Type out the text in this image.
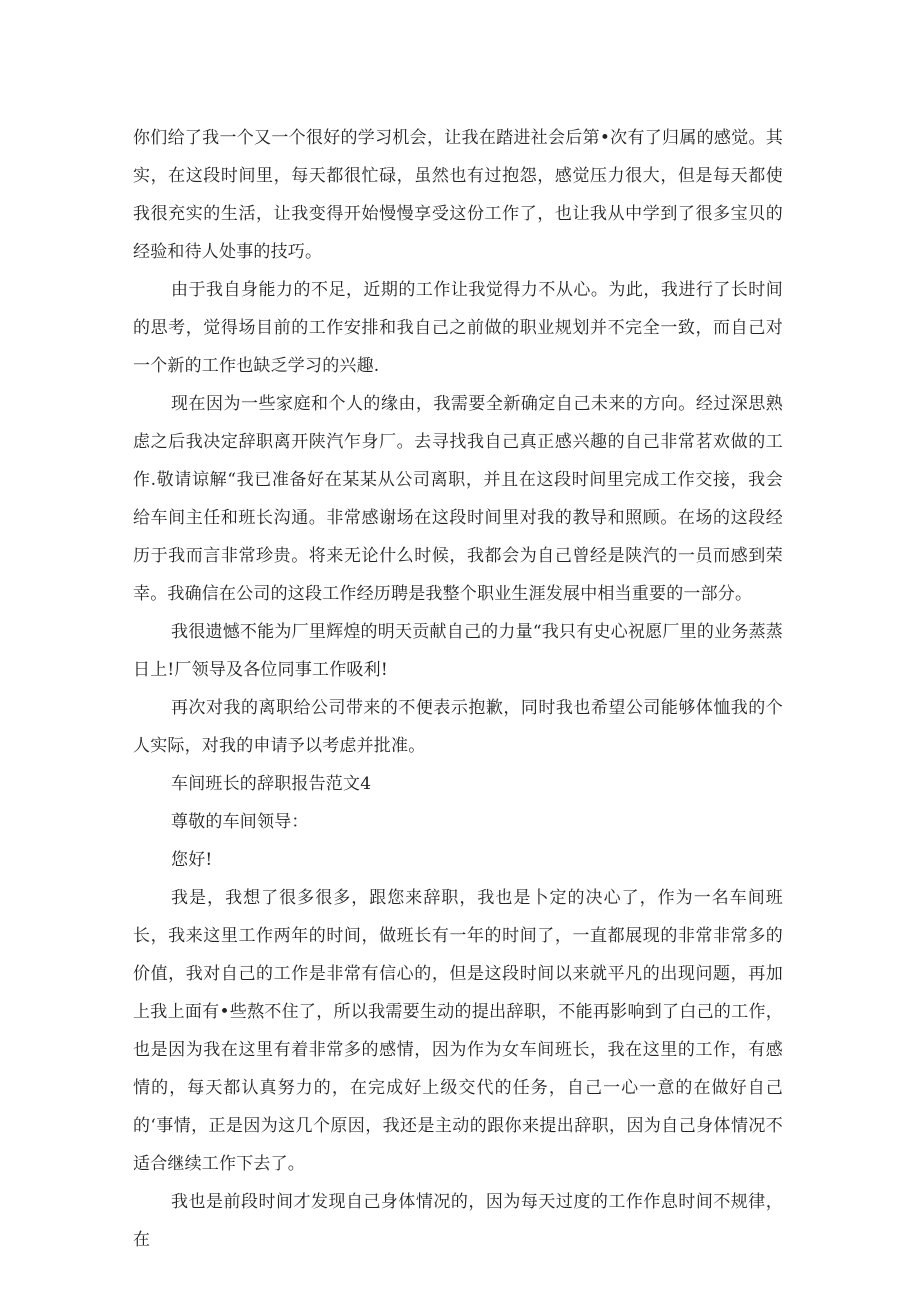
你们给了我一个又一个很好的学习机会，让我在踏进社会后第•次有了归属的感觉。其实，在这段时间里，每天都很忙碌，虽然也有过抱怨，感觉压力很大，但是每天都使我很充实的生活，让我变得开始慢慢享受这份工作了，也让我从中学到了很多宝贝的经验和待人处事的技巧。

由于我自身能力的不足，近期的工作让我觉得力不从心。为此，我进行了长时间的思考，觉得场目前的工作安排和我自己之前做的职业规划并不完全一致，而自己对一个新的工作也缺乏学习的兴趣.

现在因为一些家庭和个人的缘由，我需要全新确定自己未来的方向。经过深思熟虑之后我决定辞职离开陕汽乍身厂。去寻找我自己真正感兴趣的自己非常茗欢做的工作.敬请谅解“我已准备好在某某从公司离职，并且在这段时间里完成工作交接，我会给车间主任和班长沟通。非常感谢场在这段时间里对我的教导和照顾。在场的这段经历于我而言非常珍贵。将来无论什么时候，我都会为自己曾经是陕汽的一员而感到荣幸。我确信在公司的这段工作经历聘是我整个职业生涯发展中相当重要的一部分。

我很遗憾不能为厂里辉煌的明天贡献自己的力量“我只有史心祝愿厂里的业务蒸蒸日上!厂领导及各位同事工作吸利!

再次对我的离职给公司带来的不便表示抱歉，同时我也希望公司能够体恤我的个人实际，对我的申请予以考虑并批准。

车间班长的辞职报告范文4

尊敬的车间领导：

您好!

我是，我想了很多很多，跟您来辞职，我也是卜定的决心了，作为一名车间班长，我来这里工作两年的时间，做班长有一年的时间了，一直都展现的非常非常多的价值，我对自己的工作是非常有信心的，但是这段时间以来就平凡的出现问题，再加上我上面有•些熬不住了，所以我需要生动的提出辞职，不能再影响到了白己的工作，也是因为我在这里有着非常多的感情，因为作为女车间班长，我在这里的工作，有感情的，每天都认真努力的，在完成好上级交代的任务，自己一心一意的在做好自己的‘事情，正是因为这几个原因，我还是主动的跟你来提出辞职，因为自己身体情况不适合继续工作下去了。

我也是前段时间才发现自己身体情况的，因为每天过度的工作作息时间不规律，在
